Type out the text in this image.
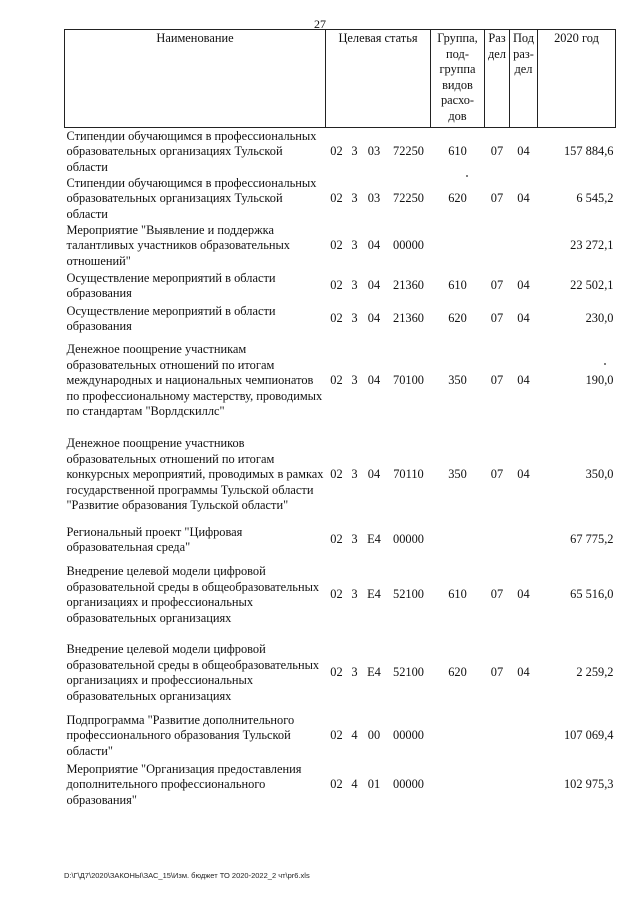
27
Наименование	Целевая статья				Группа, под- группа видов расхо- дов	Раз дел	Под раз- дел	2020 год
Стипендии обучающимся в профессиональных образовательных организациях Тульской области	02	3	03	72250	610	07	04	157 884,6
Стипендии обучающимся в профессиональных образовательных организациях Тульской области	02	3	03	72250	620	07	04	6 545,2
Мероприятие "Выявление и поддержка талантливых участников образовательных отношений"	02	3	04	00000				23 272,1
Осуществление мероприятий в области образования	02	3	04	21360	610	07	04	22 502,1
Осуществление мероприятий в области образования	02	3	04	21360	620	07	04	230,0
Денежное поощрение участникам образовательных отношений по итогам международных и национальных чемпионатов по профессиональному мастерству, проводимых по стандартам "Ворлдскиллс"	02	3	04	70100	350	07	04	190,0
Денежное поощрение участников образовательных отношений по итогам конкурсных мероприятий, проводимых в рамках государственной программы Тульской области "Развитие образования Тульской области"	02	3	04	70110	350	07	04	350,0
Региональный проект "Цифровая образовательная среда"	02	3	E4	00000				67 775,2
Внедрение целевой модели цифровой образовательной среды в общеобразовательных организациях и профессиональных образовательных организациях	02	3	E4	52100	610	07	04	65 516,0
Внедрение целевой модели цифровой образовательной среды в общеобразовательных организациях и профессиональных образовательных организациях	02	3	E4	52100	620	07	04	2 259,2
Подпрограмма "Развитие дополнительного профессионального образования Тульской области"	02	4	00	00000				107 069,4
Мероприятие "Организация предоставления дополнительного профессионального образования"	02	4	01	00000				102 975,3
D:\Г\Д7\2020\ЗАКОНЫ\ЗАС_15\Изм. бюджет ТО 2020-2022_2 чт\pr6.xls
